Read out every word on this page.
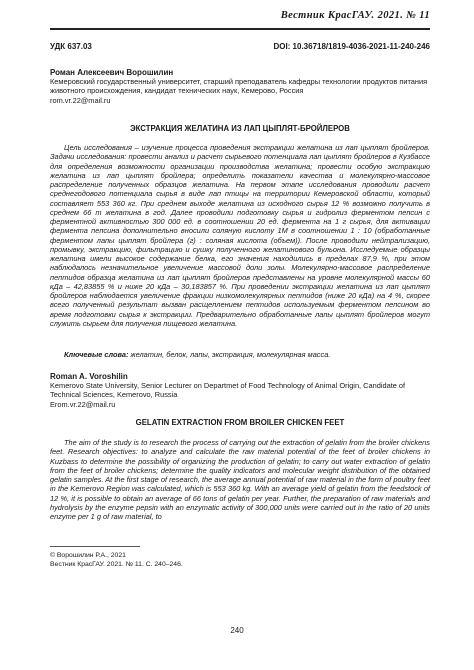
Вестник КрасГАУ. 2021. № 11
УДК 637.03	DOI: 10.36718/1819-4036-2021-11-240-246
Роман Алексеевич Ворошилин
Кемеровский государственный университет, старший преподаватель кафедры технологии продуктов питания животного происхождения, кандидат технических наук, Кемерово, Россия
rom.vr.22@mail.ru
ЭКСТРАКЦИЯ ЖЕЛАТИНА ИЗ ЛАП ЦЫПЛЯТ-БРОЙЛЕРОВ
Цель исследования – изучение процесса проведения экстракции желатина из лап цыплят бройлеров. Задачи исследования: провести анализ и расчет сырьевого потенциала лап цыплят бройлеров в Кузбассе для определения возможности организации производства желатина; провести особую экстракцию желатина из лап цыплят бройлера; определить показатели качества и молекулярно-массовое распределение полученных образцов желатина. На первом этапе исследования проводили расчет среднегодового потенциала сырья в виде лап птицы на территории Кемеровской области, который составляет 553 360 кг. При среднем выходе желатина из исходного сырья 12 % возможно получить в среднем 66 т желатина в год. Далее проводили подготовку сырья и гидролиз ферментом пепсин с ферментной активностью 300 000 ед. в соотношении 20 ед. фермента на 1 г сырья, для активации фермента пепсина дополнительно вносили соляную кислоту 1М в соотношении 1 : 10 (обработанные ферментом лапы цыплят бройлера (г) : соляная кислота (объем)). После проводили нейтрализацию, промывку, экстракцию, фильтрацию и сушку полученного желатинового бульона. Исследуемые образцы желатина имели высокое содержание белка, его значения находились в пределах 87,9 %, при этом наблюдалось незначительное увеличение массовой доли золы. Молекулярно-массовое распределение пептидов образца желатина из лап цыплят бройлеров представлены на уровне молекулярной массы 60 кДа – 42,83855 % и ниже 20 кДа – 30,183857 %. При проведении экстракции желатина из лап цыплят бройлеров наблюдается увеличение фракции низкомолекулярных пептидов (ниже 20 кДа) на 4 %, скорее всего полученный результат вызван расщеплением пептидов используемым ферментом пепсином во время подготовки сырья к экстракции. Предварительно обработанные лапы цыплят бройлеров могут служить сырьем для получения пищевого желатина.
Ключевые слова: желатин, белок, лапы, экстракция, молекулярная масса.
Roman A. Voroshilin
Kemerovo State University, Senior Lecturer on Departmet of Food Technology of Animal Origin, Candidate of Technical Sciences, Kemerovo, Russia
Erom.vr.22@mail.ru
GELATIN EXTRACTION FROM BROILER CHICKEN FEET
The aim of the study is to research the process of carrying out the extraction of gelatin from the broiler chickens feet. Research objectives: to analyze and calculate the raw material potential of the feet of broiler chickens in Kuzbass to determine the possibility of organizing the production of gelatin; to carry out water extraction of gelatin from the feet of broiler chickens; determine the quality indicators and molecular weight distribution of the obtained gelatin samples. At the first stage of research, the average annual potential of raw material in the form of poultry feet in the Kemerovo Region was calculated, which is 553 360 kg. With an average yield of gelatin from the feedstock of 12 %, it is possible to obtain an average of 66 tons of gelatin per year. Further, the preparation of raw materials and hydrolysis by the enzyme pepsin with an enzymatic activity of 300,000 units were carried out in the ratio of 20 units enzyme per 1 g of raw material, to
© Ворошилин Р.А., 2021
Вестник КрасГАУ. 2021. № 11. С. 240–246.
240
